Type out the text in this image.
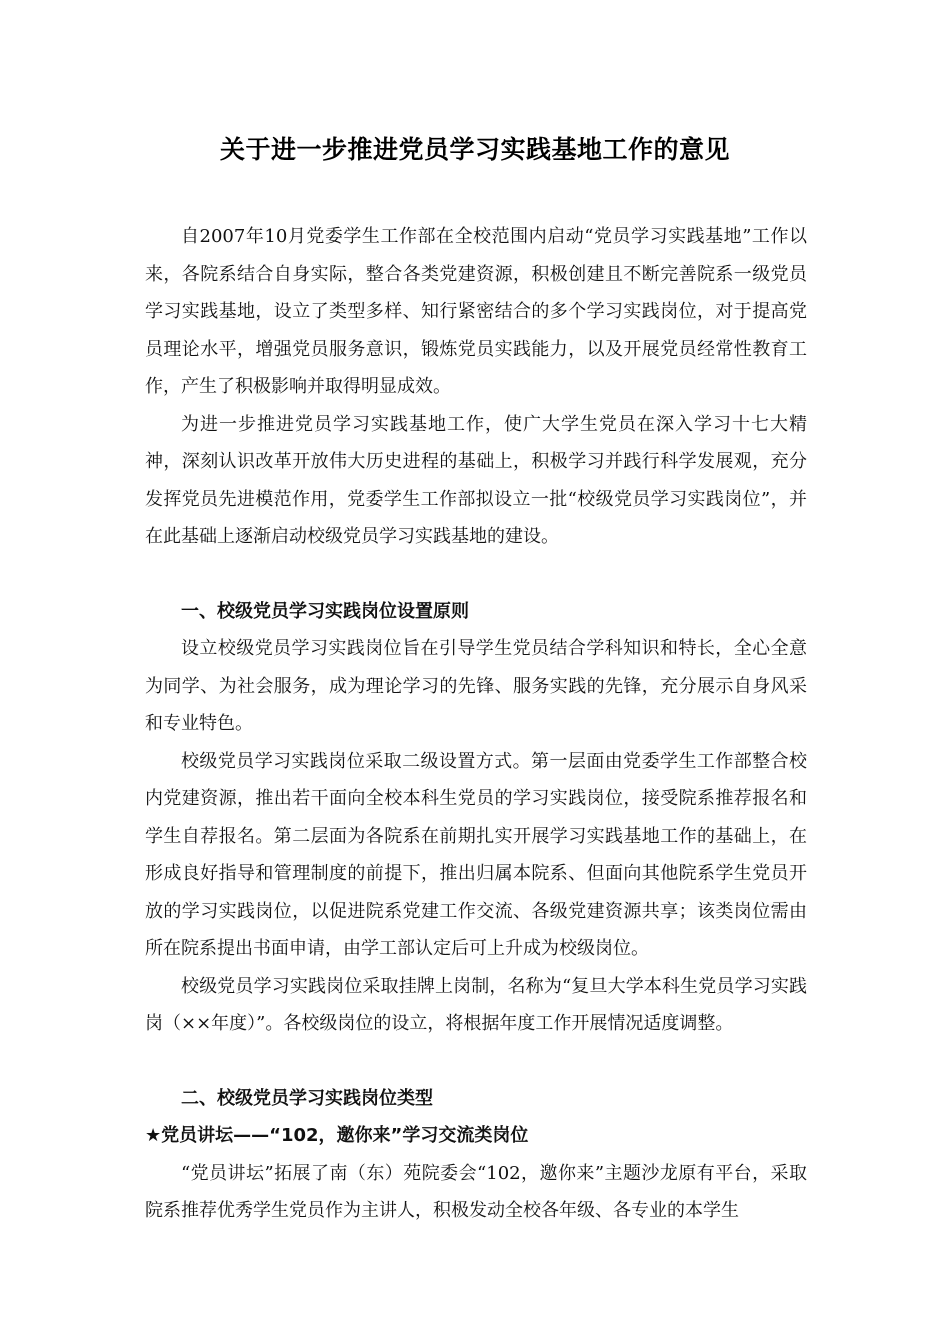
关于进一步推进党员学习实践基地工作的意见

自2007年10月党委学生工作部在全校范围内启动“党员学习实践基地”工作以来，各院系结合自身实际，整合各类党建资源，积极创建且不断完善院系一级党员学习实践基地，设立了类型多样、知行紧密结合的多个学习实践岗位，对于提高党员理论水平，增强党员服务意识，锻炼党员实践能力，以及开展党员经常性教育工作，产生了积极影响并取得明显成效。

为进一步推进党员学习实践基地工作，使广大学生党员在深入学习十七大精神，深刻认识改革开放伟大历史进程的基础上，积极学习并践行科学发展观，充分发挥党员先进模范作用，党委学生工作部拟设立一批“校级党员学习实践岗位”，并在此基础上逐渐启动校级党员学习实践基地的建设。

一、校级党员学习实践岗位设置原则

设立校级党员学习实践岗位旨在引导学生党员结合学科知识和特长，全心全意为同学、为社会服务，成为理论学习的先锋、服务实践的先锋，充分展示自身风采和专业特色。

校级党员学习实践岗位采取二级设置方式。第一层面由党委学生工作部整合校内党建资源，推出若干面向全校本科生党员的学习实践岗位，接受院系推荐报名和学生自荐报名。第二层面为各院系在前期扎实开展学习实践基地工作的基础上，在形成良好指导和管理制度的前提下，推出归属本院系、但面向其他院系学生党员开放的学习实践岗位，以促进院系党建工作交流、各级党建资源共享；该类岗位需由所在院系提出书面申请，由学工部认定后可上升成为校级岗位。

校级党员学习实践岗位采取挂牌上岗制，名称为“复旦大学本科生党员学习实践岗（××年度）”。各校级岗位的设立，将根据年度工作开展情况适度调整。

二、校级党员学习实践岗位类型
★党员讲坛——“102，邀你来”学习交流类岗位

“党员讲坛”拓展了南（东）苑院委会“102，邀你来”主题沙龙原有平台，采取院系推荐优秀学生党员作为主讲人，积极发动全校各年级、各专业的本学生
